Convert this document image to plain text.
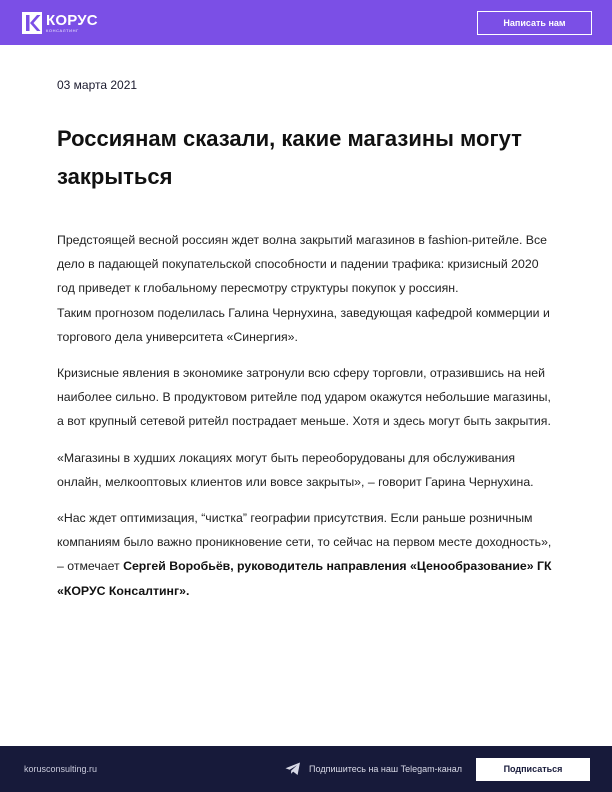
КОРУС
КОНСАЛТИНГ
Написать нам
03 марта 2021
Россиянам сказали, какие магазины могут закрыться

Предстоящей весной россиян ждет волна закрытий магазинов в fashion-ритейле. Все дело в падающей покупательской способности и падении трафика: кризисный 2020 год приведет к глобальному пересмотру структуры покупок у россиян.

Таким прогнозом поделилась Галина Чернухина, заведующая кафедрой коммерции и торгового дела университета «Синергия».

Кризисные явления в экономике затронули всю сферу торговли, отразившись на ней наиболее сильно. В продуктовом ритейле под ударом окажутся небольшие магазины, а вот крупный сетевой ритейл пострадает меньше. Хотя и здесь могут быть закрытия.

«Магазины в худших локациях могут быть переоборудованы для обслуживания онлайн, мелкооптовых клиентов или вовсе закрыты», – говорит Гарина Чернухина.

«Нас ждет оптимизация, “чистка” географии присутствия. Если раньше розничным компаниям было важно проникновение сети, то сейчас на первом месте доходность», – отмечает Сергей Воробьёв, руководитель направления «Ценообразование» ГК «КОРУС Консалтинг».

korusconsulting.ru	Подпишитесь на наш Telegam-канал	Подписаться
